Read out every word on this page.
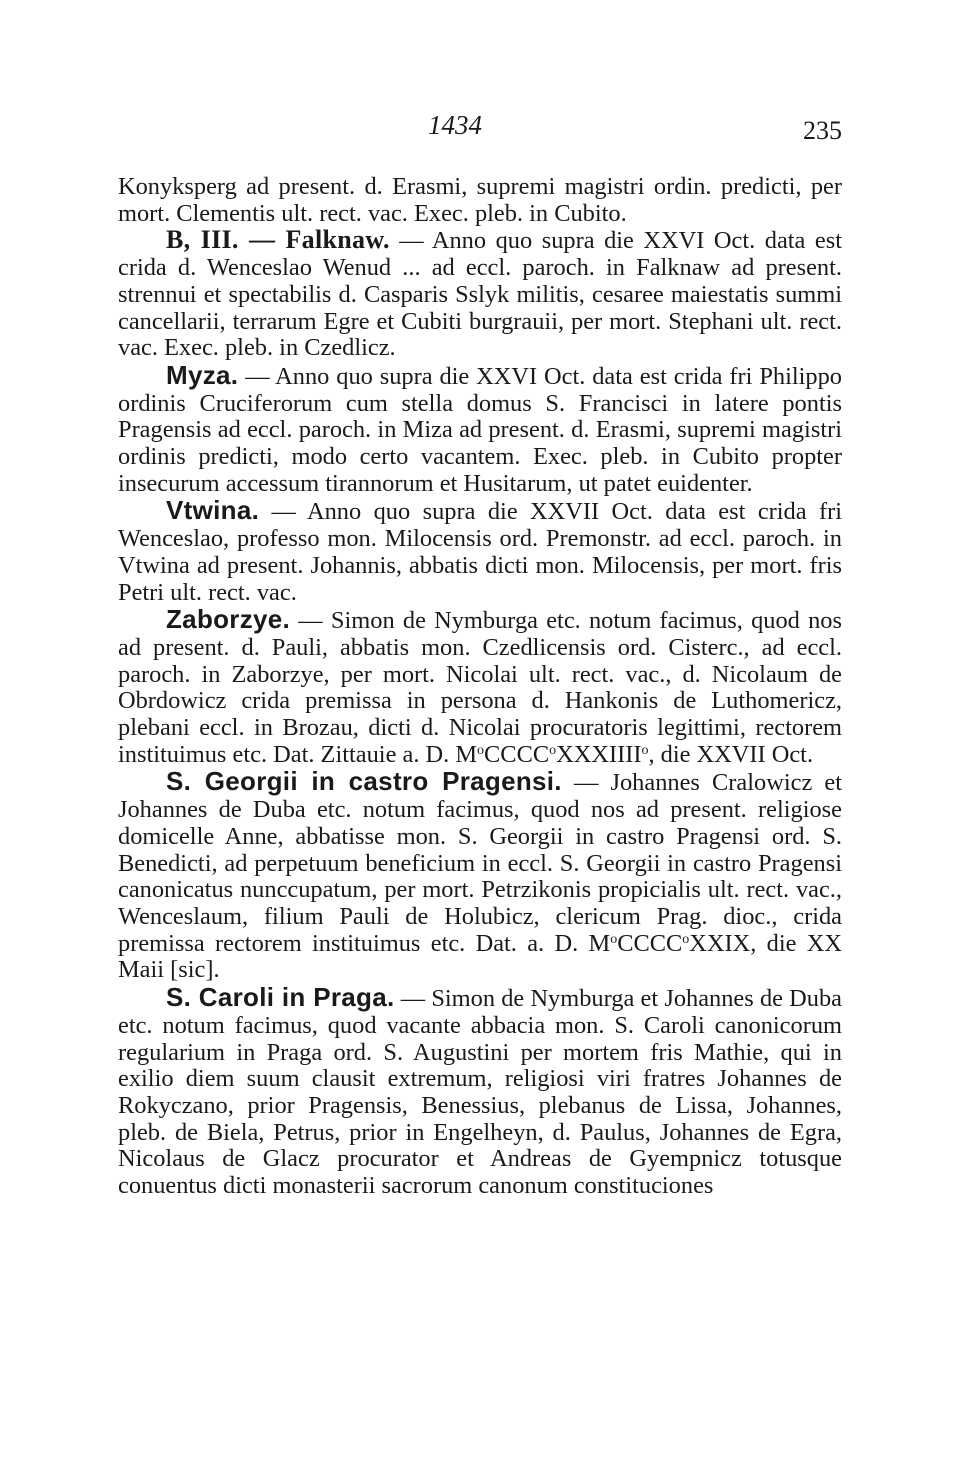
1434	235

Konyksperg ad present. d. Erasmi, supremi magistri ordin. predicti, per mort. Clementis ult. rect. vac. Exec. pleb. in Cubito.

B, III. — Falknaw. — Anno quo supra die XXVI Oct. data est crida d. Wenceslao Wenud ... ad eccl. paroch. in Falknaw ad present. strennui et spectabilis d. Casparis Sslyk militis, cesaree maiestatis summi cancellarii, terrarum Egre et Cubiti burgrauii, per mort. Stephani ult. rect. vac. Exec. pleb. in Czedlicz.

Myza. — Anno quo supra die XXVI Oct. data est crida fri Philippo ordinis Cruciferorum cum stella domus S. Francisci in latere pontis Pragensis ad eccl. paroch. in Miza ad present. d. Erasmi, supremi magistri ordinis predicti, modo certo vacantem. Exec. pleb. in Cubito propter insecurum accessum tirannorum et Husitarum, ut patet euidenter.

Vtwina. — Anno quo supra die XXVII Oct. data est crida fri Wenceslao, professo mon. Milocensis ord. Premonstr. ad eccl. paroch. in Vtwina ad present. Johannis, abbatis dicti mon. Milocensis, per mort. fris Petri ult. rect. vac.

Zaborzye. — Simon de Nymburga etc. notum facimus, quod nos ad present. d. Pauli, abbatis mon. Czedlicensis ord. Cisterc., ad eccl. paroch. in Zaborzye, per mort. Nicolai ult. rect. vac., d. Nicolaum de Obrdowicz crida premissa in persona d. Hankonis de Luthomericz, plebani eccl. in Brozau, dicti d. Nicolai procuratoris legittimi, rectorem instituimus etc. Dat. Zittauie a. D. $M^oCCCC^oXXXIIII^o$, die XXVII Oct.

S. Georgii in castro Pragensi. — Johannes Cralowicz et Johannes de Duba etc. notum facimus, quod nos ad present. religiose domicelle Anne, abbatisse mon. S. Georgii in castro Pragensi ord. S. Benedicti, ad perpetuum beneficium in eccl. S. Georgii in castro Pragensi canonicatus nunccupatum, per mort. Petrzikonis propicialis ult. rect. vac., Wenceslaum, filium Pauli de Holubicz, clericum Prag. dioc., crida premissa rectorem instituimus etc. Dat. a. D. $M^oCCCC^oXXIX$, die XX Maii [sic].

S. Caroli in Praga. — Simon de Nymburga et Johannes de Duba etc. notum facimus, quod vacante abbacia mon. S. Caroli canonicorum regularium in Praga ord. S. Augustini per mortem fris Mathie, qui in exilio diem suum clausit extremum, religiosi viri fratres Johannes de Rokyczano, prior Pragensis, Benessius, plebanus de Lissa, Johannes, pleb. de Biela, Petrus, prior in Engelheyn, d. Paulus, Johannes de Egra, Nicolaus de Glacz procurator et Andreas de Gyempnicz totusque conuentus dicti monasterii sacrorum canonum constituciones
